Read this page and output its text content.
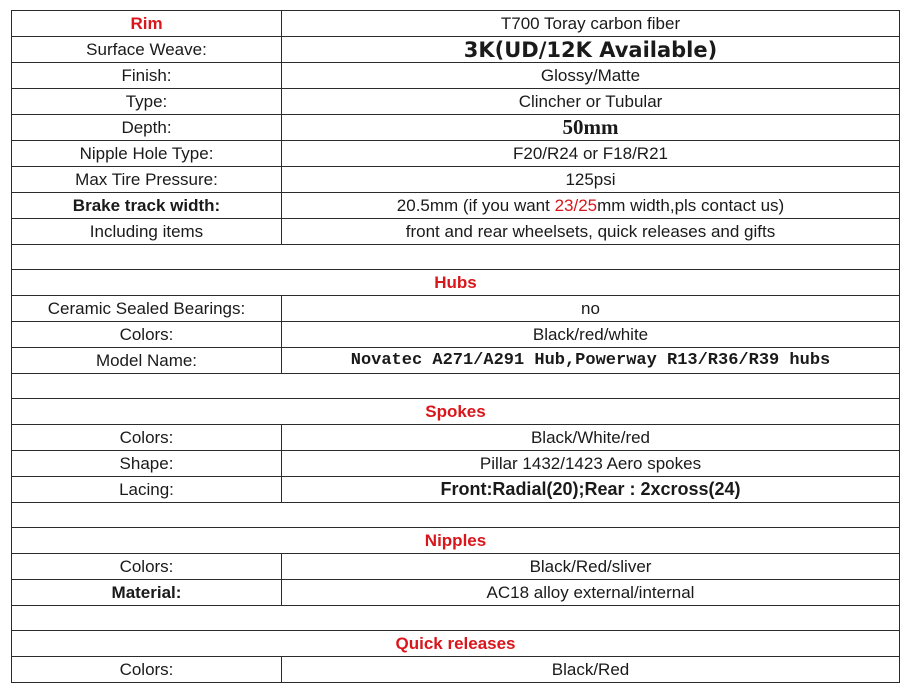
Rim	T700 Toray carbon fiber
Surface Weave:	3K(UD/12K Available)
Finish:	Glossy/Matte
Type:	Clincher or Tubular
Depth:	50mm
Nipple Hole Type:	F20/R24 or F18/R21
Max Tire Pressure:	125psi
Brake track width:	20.5mm (if you want 23/25mm width,pls contact us)
Including items	front and rear wheelsets, quick releases and gifts

Hubs	
Ceramic Sealed Bearings:	no
Colors:	Black/red/white
Model Name:	Novatec A271/A291 Hub,Powerway R13/R36/R39 hubs

Spokes	
Colors:	Black/White/red
Shape:	Pillar 1432/1423 Aero spokes
Lacing:	Front:Radial(20);Rear : 2xcross(24)

Nipples	
Colors:	Black/Red/sliver
Material:	AC18 alloy external/internal

Quick releases	
Colors:	Black/Red
